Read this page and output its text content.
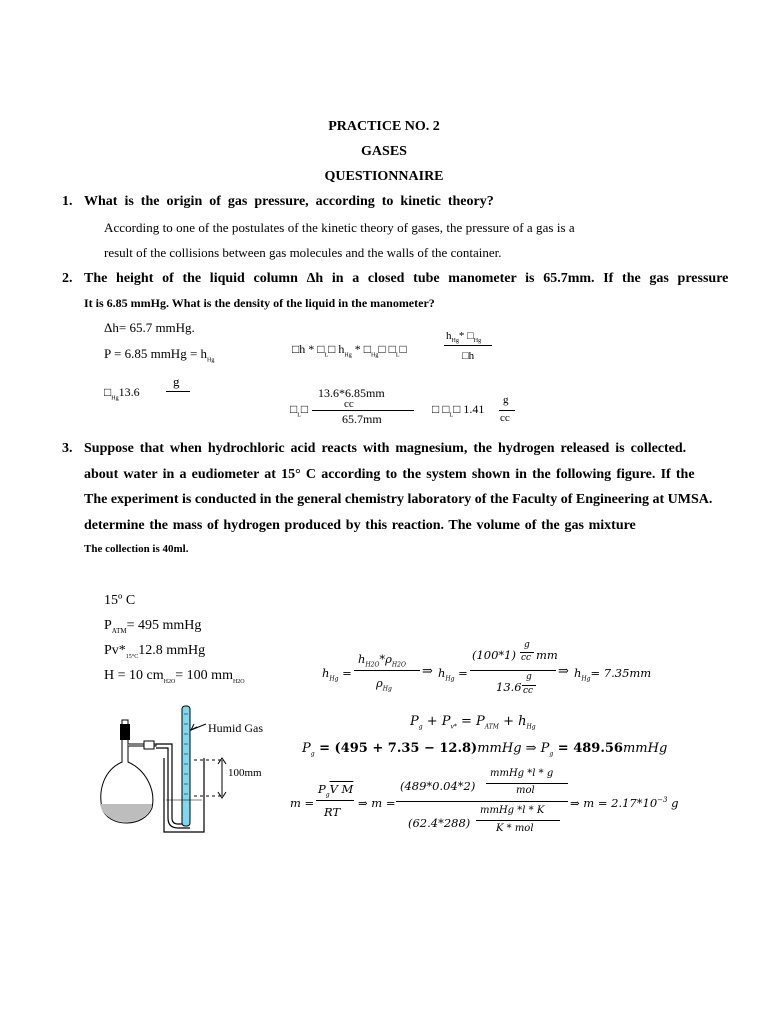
PRACTICE NO. 2
GASES
QUESTIONNAIRE
1. What is the origin of gas pressure, according to kinetic theory?
According to one of the postulates of the kinetic theory of gases, the pressure of a gas is a
result of the collisions between gas molecules and the walls of the container.
2. The height of the liquid column Δh in a closed tube manometer is 65.7mm. If the gas pressure
It is 6.85 mmHg. What is the density of the liquid in the manometer?
Δh= 65.7 mmHg.
P = 6.85 mmHg = $h_{Hg}$
$□_{Hg}13.6$
g
□h * $□_L□$ $h_{Hg}$ * $□_{Hg}□$ $□_L□$
$h_{Hg}*$ $□_{Hg}$
□h
$□_L□$
13.6*6.85mm
cc
65.7mm
□ $□_L□$ 1.41
g
cc
3. Suppose that when hydrochloric acid reacts with magnesium, the hydrogen released is collected.
about water in a eudiometer at 15° C according to the system shown in the following figure. If the
The experiment is conducted in the general chemistry laboratory of the Faculty of Engineering at UMSA.
determine the mass of hydrogen produced by this reaction. The volume of the gas mixture
The collection is 40ml.
15º C
$P_{ATM}= 495$ mmHg
$Pv*_{15^\circ C}12.8$ mmHg
H = 10 $cm_{H2O}= 100$ $mm_{H2O}$
Humid Gas
100mm
$h_{Hg}$ =
$h_{H2O}*\rho_{H2O}$
$\rho_{Hg}$
⇒ $h_{Hg}$ =
(100*1)
g
cc mm
13.6
g
cc
⇒ $h_{Hg}= 7.35mm$
$P_g + P_{v*} = P_{ATM} + h_{Hg}$
$P_g = (495 + 7.35$ − 12.8)mmHg ⇒ $P_g$ = 489.56mmHg
m =
$P_gV$ M
RT
⇒ m =
(489*0.04*2)
mmHg *l * g
mol
(62.4*288)
mmHg *l * K
K * mol
⇒ $m = 2.17*10^{-3}$ g
